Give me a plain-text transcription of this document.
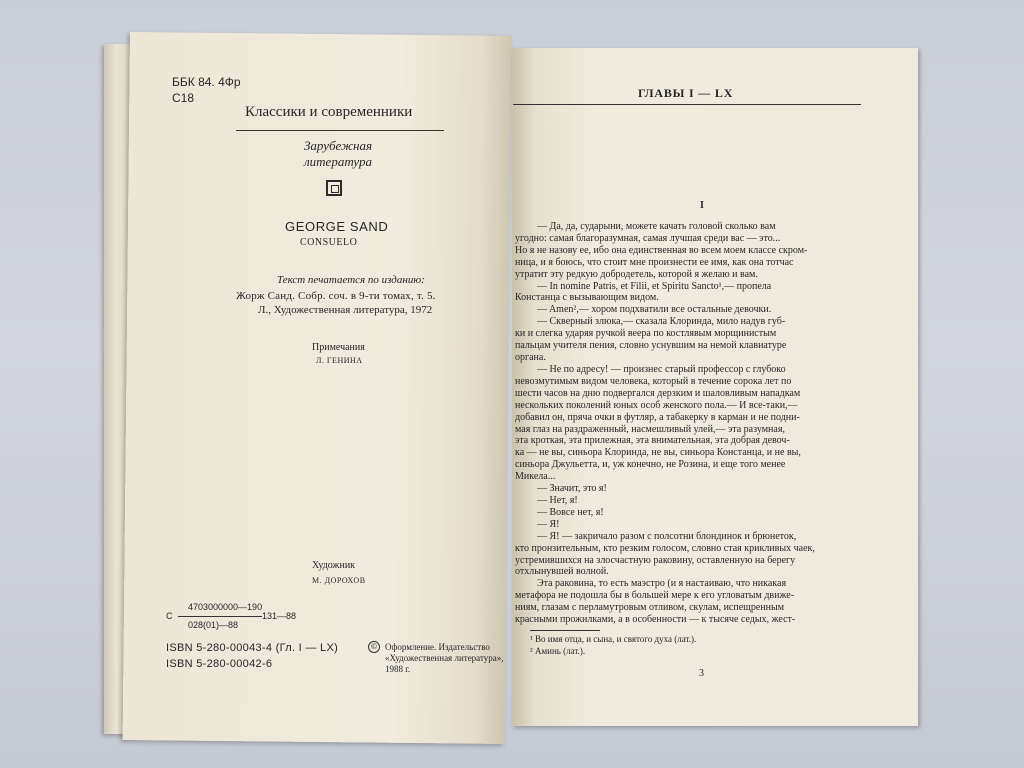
ББК 84. 4Фр
С18
Классики и современники
Зарубежная
литература
GEORGE SAND
CONSUELO
Текст печатается по изданию:
Жорж Санд. Собр. соч. в 9-ти томах, т. 5.
Л., Художественная литература, 1972
Примечания
Л. ГЕНИНА
Художник
М. ДОРОХОВ
4703000000—190
С	131—88
028(01)—88
ISBN 5-280-00043-4 (Гл. I — LX)
ISBN 5-280-00042-6
© Оформление. Издательство
«Художественная литература»,
1988 г.
ГЛАВЫ I — LX
I
— Да, да, сударыни, можете качать головой сколько вам
угодно: самая благоразумная, самая лучшая среди вас — это...
Но я не назову ее, ибо она единственная во всем моем классе скром-
ница, и я боюсь, что стоит мне произнести ее имя, как она тотчас
утратит эту редкую добродетель, которой я желаю и вам.
— In nomine Patris, et Filii, et Spiritu Sancto¹,— пропела
Констанца с вызывающим видом.
— Amen²,— хором подхватили все остальные девочки.
— Скверный злюка,— сказала Клоринда, мило надув губ-
ки и слегка ударяя ручкой веера по костлявым морщинистым
пальцам учителя пения, словно уснувшим на немой клавиатуре
органа.
— Не по адресу! — произнес старый профессор с глубоко
невозмутимым видом человека, который в течение сорока лет по
шести часов на дню подвергался дерзким и шаловливым нападкам
нескольких поколений юных особ женского пола.— И все-таки,—
добавил он, пряча очки в футляр, а табакерку в карман и не подни-
мая глаз на раздраженный, насмешливый улей,— эта разумная,
эта кроткая, эта прилежная, эта внимательная, эта добрая девоч-
ка — не вы, синьора Клоринда, не вы, синьора Констанца, и не вы,
синьора Джульетта, и, уж конечно, не Розина, и еще того менее
Микела...
— Значит, это я!
— Нет, я!
— Вовсе нет, я!
— Я!
— Я! — закричало разом с полсотни блондинок и брюнеток,
кто пронзительным, кто резким голосом, словно стая крикливых чаек,
устремившихся на злосчастную раковину, оставленную на берегу
отхлынувшей волной.
Эта раковина, то есть маэстро (и я настаиваю, что никакая
метафора не подошла бы в большей мере к его угловатым движе-
ниям, глазам с перламутровым отливом, скулам, испещренным
красными прожилками, а в особенности — к тысяче седых, жест-
¹ Во имя отца, и сына, и святого духа (лат.).
² Аминь (лат.).
3
